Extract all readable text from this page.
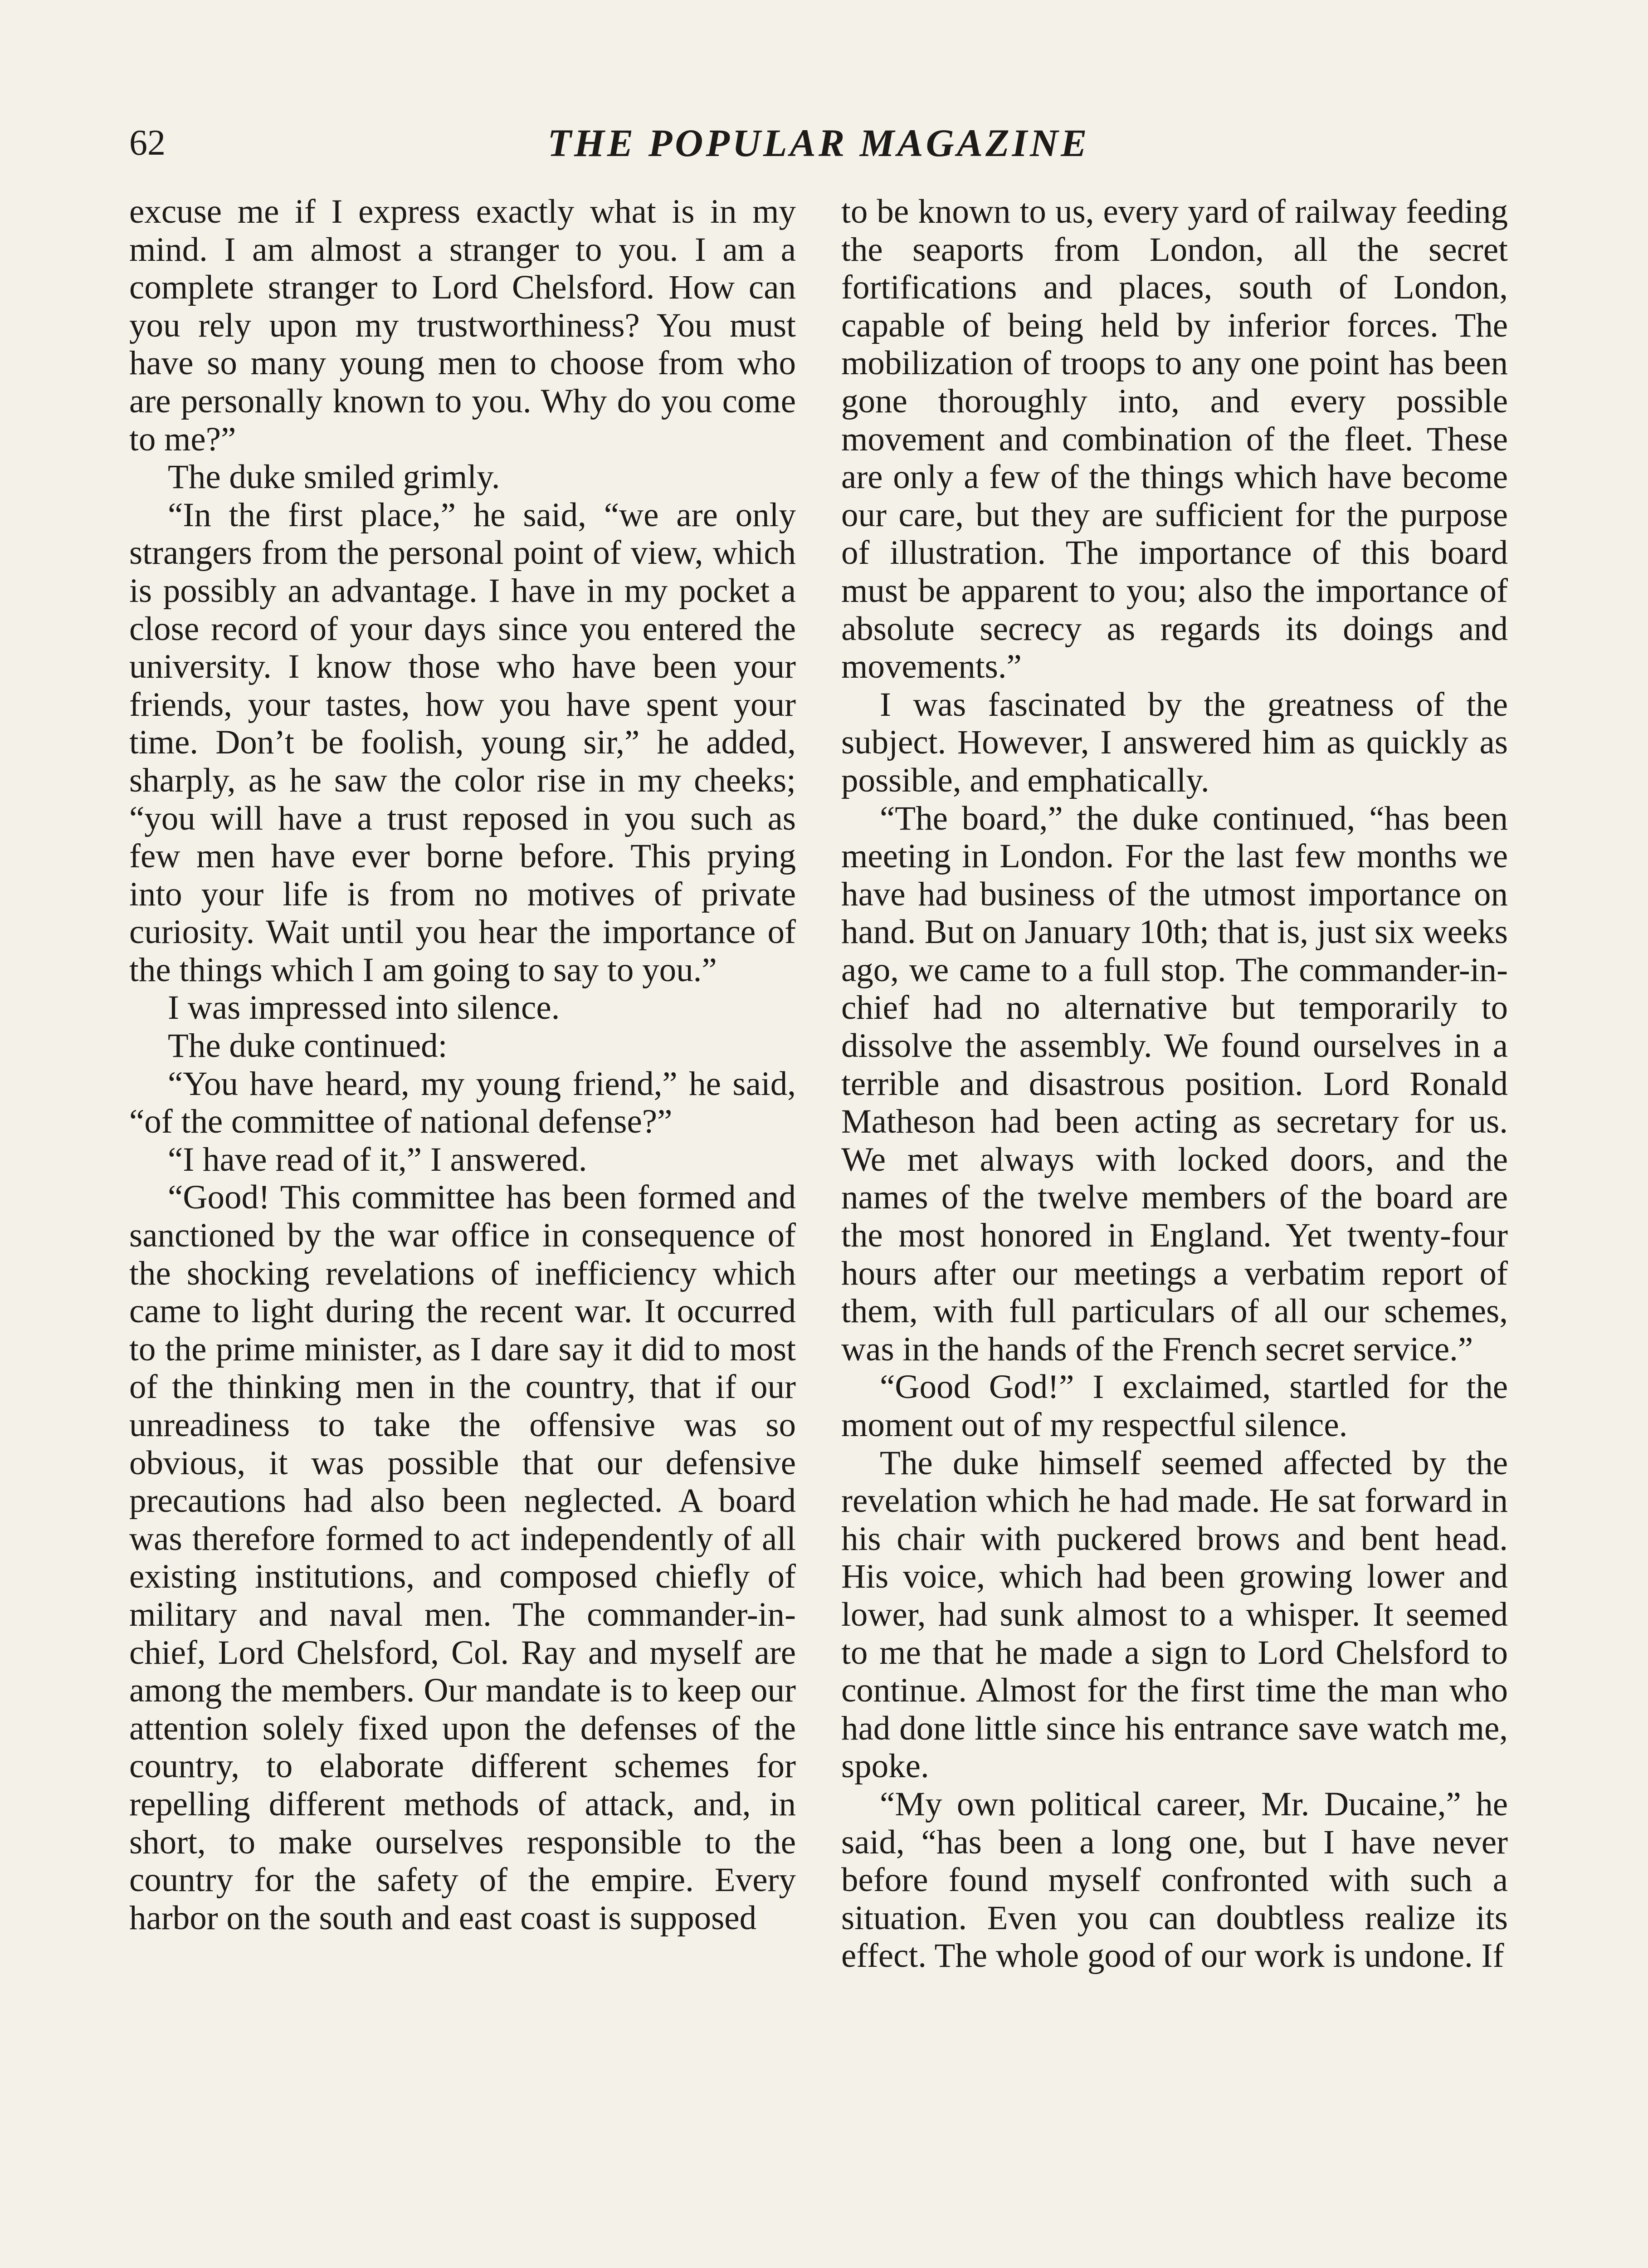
62	THE POPULAR MAGAZINE

excuse me if I express exactly what is in my mind. I am almost a stranger to you. I am a complete stranger to Lord Chelsford. How can you rely upon my trustworthiness? You must have so many young men to choose from who are personally known to you. Why do you come to me?”

The duke smiled grimly.

“In the first place,” he said, “we are only strangers from the personal point of view, which is possibly an advantage. I have in my pocket a close record of your days since you entered the university. I know those who have been your friends, your tastes, how you have spent your time. Don’t be foolish, young sir,” he added, sharply, as he saw the color rise in my cheeks; “you will have a trust reposed in you such as few men have ever borne before. This prying into your life is from no motives of private curiosity. Wait until you hear the importance of the things which I am going to say to you.”

I was impressed into silence.

The duke continued:

“You have heard, my young friend,” he said, “of the committee of national defense?”

“I have read of it,” I answered.

“Good! This committee has been formed and sanctioned by the war office in consequence of the shocking revelations of inefficiency which came to light during the recent war. It occurred to the prime minister, as I dare say it did to most of the thinking men in the country, that if our unreadiness to take the offensive was so obvious, it was possible that our defensive precautions had also been neglected. A board was therefore formed to act independently of all existing institutions, and composed chiefly of military and naval men. The commander-in-chief, Lord Chelsford, Col. Ray and myself are among the members. Our mandate is to keep our attention solely fixed upon the defenses of the country, to elaborate different schemes for repelling different methods of attack, and, in short, to make ourselves responsible to the country for the safety of the empire. Every harbor on the south and east coast is supposed

to be known to us, every yard of railway feeding the seaports from London, all the secret fortifications and places, south of London, capable of being held by inferior forces. The mobilization of troops to any one point has been gone thoroughly into, and every possible movement and combination of the fleet. These are only a few of the things which have become our care, but they are sufficient for the purpose of illustration. The importance of this board must be apparent to you; also the importance of absolute secrecy as regards its doings and movements.”

I was fascinated by the greatness of the subject. However, I answered him as quickly as possible, and emphatically.

“The board,” the duke continued, “has been meeting in London. For the last few months we have had business of the utmost importance on hand. But on January 10th; that is, just six weeks ago, we came to a full stop. The commander-in-chief had no alternative but temporarily to dissolve the assembly. We found ourselves in a terrible and disastrous position. Lord Ronald Matheson had been acting as secretary for us. We met always with locked doors, and the names of the twelve members of the board are the most honored in England. Yet twenty-four hours after our meetings a verbatim report of them, with full particulars of all our schemes, was in the hands of the French secret service.”

“Good God!” I exclaimed, startled for the moment out of my respectful silence.

The duke himself seemed affected by the revelation which he had made. He sat forward in his chair with puckered brows and bent head. His voice, which had been growing lower and lower, had sunk almost to a whisper. It seemed to me that he made a sign to Lord Chelsford to continue. Almost for the first time the man who had done little since his entrance save watch me, spoke.

“My own political career, Mr. Ducaine,” he said, “has been a long one, but I have never before found myself confronted with such a situation. Even you can doubtless realize its effect. The whole good of our work is undone. If
